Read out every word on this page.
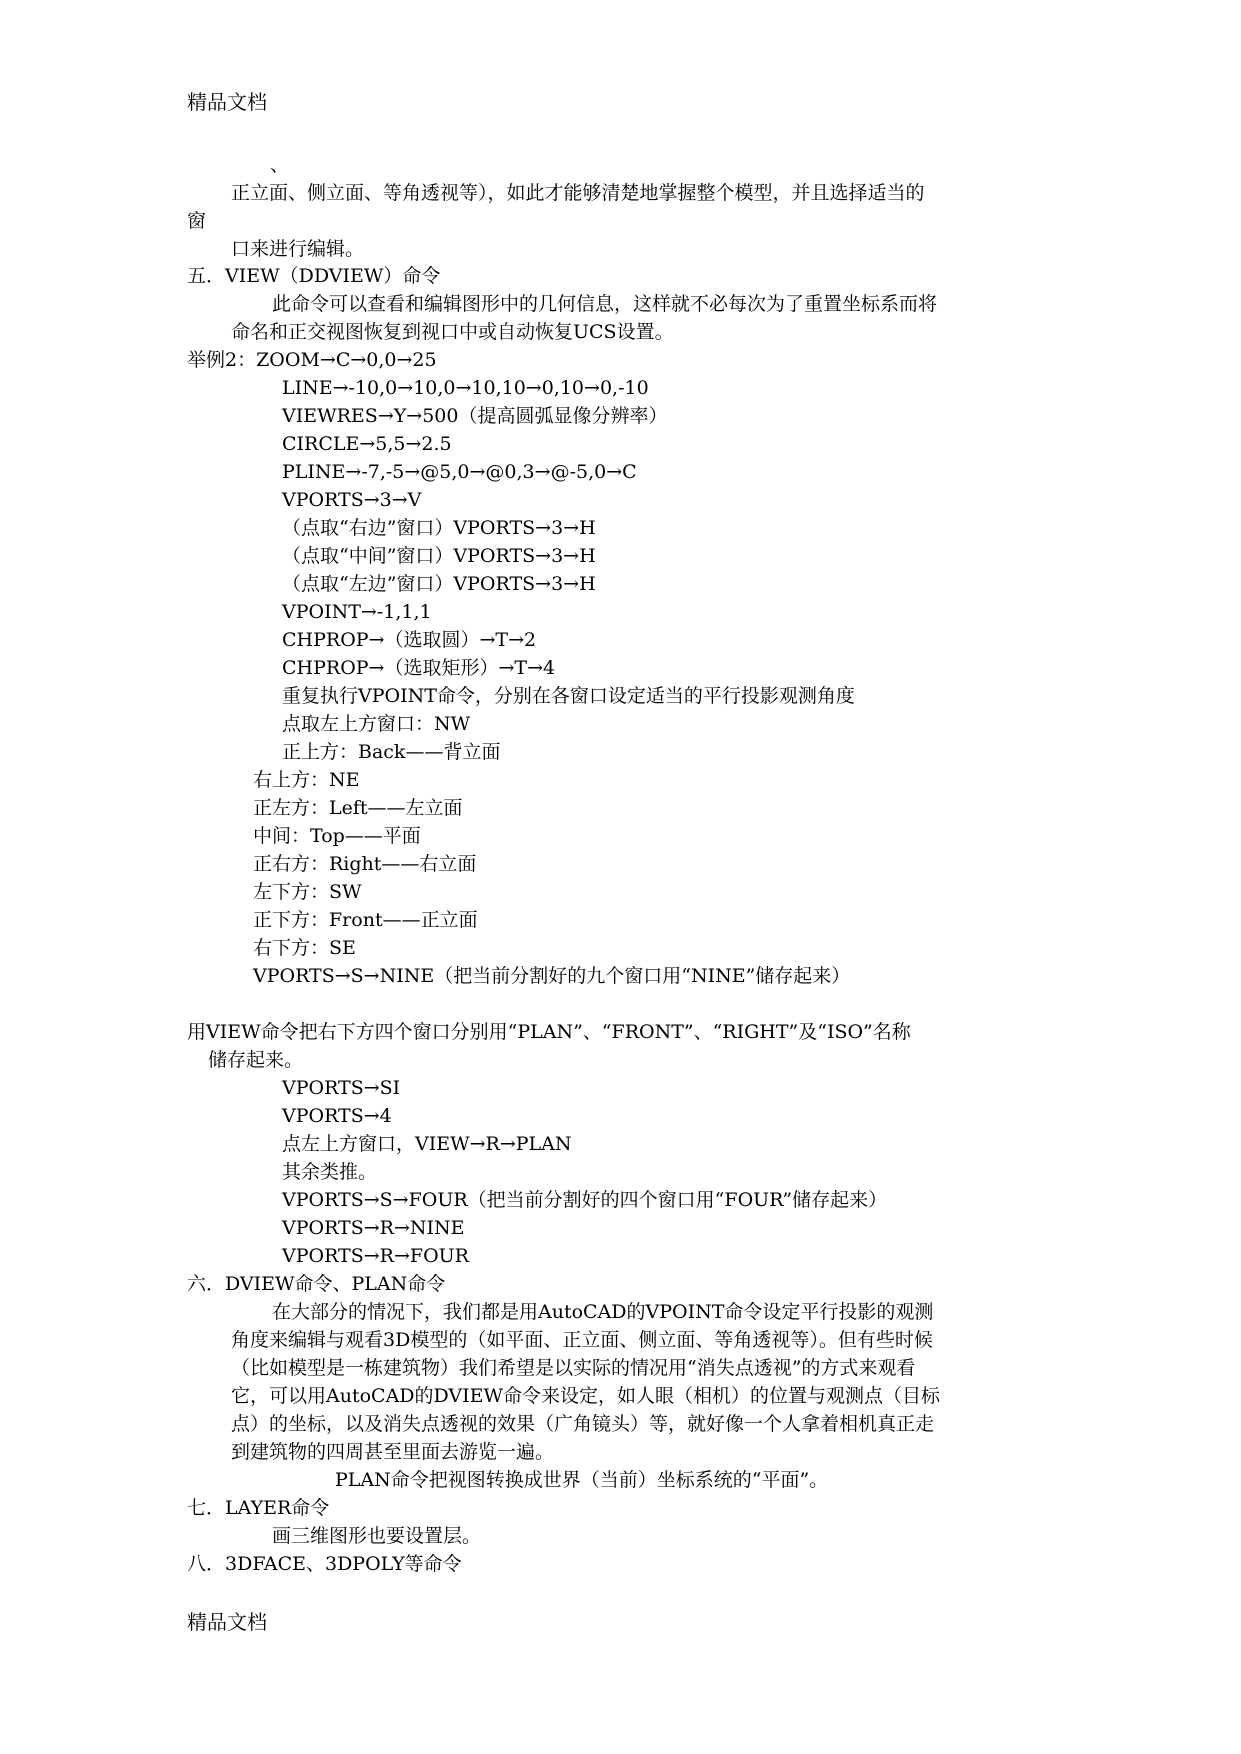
精品文档
、
正立面、侧立面、等角透视等），如此才能够清楚地掌握整个模型，并且选择适当的
窗
口来进行编辑。
五．VIEW（DDVIEW）命令
此命令可以查看和编辑图形中的几何信息，这样就不必每次为了重置坐标系而将
命名和正交视图恢复到视口中或自动恢复UCS设置。
举例2：ZOOM→C→0,0→25
LINE→-10,0→10,0→10,10→0,10→0,-10
VIEWRES→Y→500（提高圆弧显像分辨率）
CIRCLE→5,5→2.5
PLINE→-7,-5→@5,0→@0,3→@-5,0→C
VPORTS→3→V
（点取“右边”窗口）VPORTS→3→H
（点取“中间”窗口）VPORTS→3→H
（点取“左边”窗口）VPORTS→3→H
VPOINT→-1,1,1
CHPROP→（选取圆）→T→2
CHPROP→（选取矩形）→T→4
重复执行VPOINT命令，分别在各窗口设定适当的平行投影观测角度
点取左上方窗口：NW
正上方：Back——背立面
右上方：NE
正左方：Left——左立面
中间：Top——平面
正右方：Right——右立面
左下方：SW
正下方：Front——正立面
右下方：SE
VPORTS→S→NINE（把当前分割好的九个窗口用“NINE”储存起来）
用VIEW命令把右下方四个窗口分别用“PLAN”、“FRONT”、“RIGHT”及“ISO”名称
储存起来。
VPORTS→SI
VPORTS→4
点左上方窗口，VIEW→R→PLAN
其余类推。
VPORTS→S→FOUR（把当前分割好的四个窗口用“FOUR”储存起来）
VPORTS→R→NINE
VPORTS→R→FOUR
六．DVIEW命令、PLAN命令
在大部分的情况下，我们都是用AutoCAD的VPOINT命令设定平行投影的观测
角度来编辑与观看3D模型的（如平面、正立面、侧立面、等角透视等）。但有些时候
（比如模型是一栋建筑物）我们希望是以实际的情况用“消失点透视”的方式来观看
它，可以用AutoCAD的DVIEW命令来设定，如人眼（相机）的位置与观测点（目标
点）的坐标，以及消失点透视的效果（广角镜头）等，就好像一个人拿着相机真正走
到建筑物的四周甚至里面去游览一遍。
PLAN命令把视图转换成世界（当前）坐标系统的“平面”。
七．LAYER命令
画三维图形也要设置层。
八．3DFACE、3DPOLY等命令
精品文档
